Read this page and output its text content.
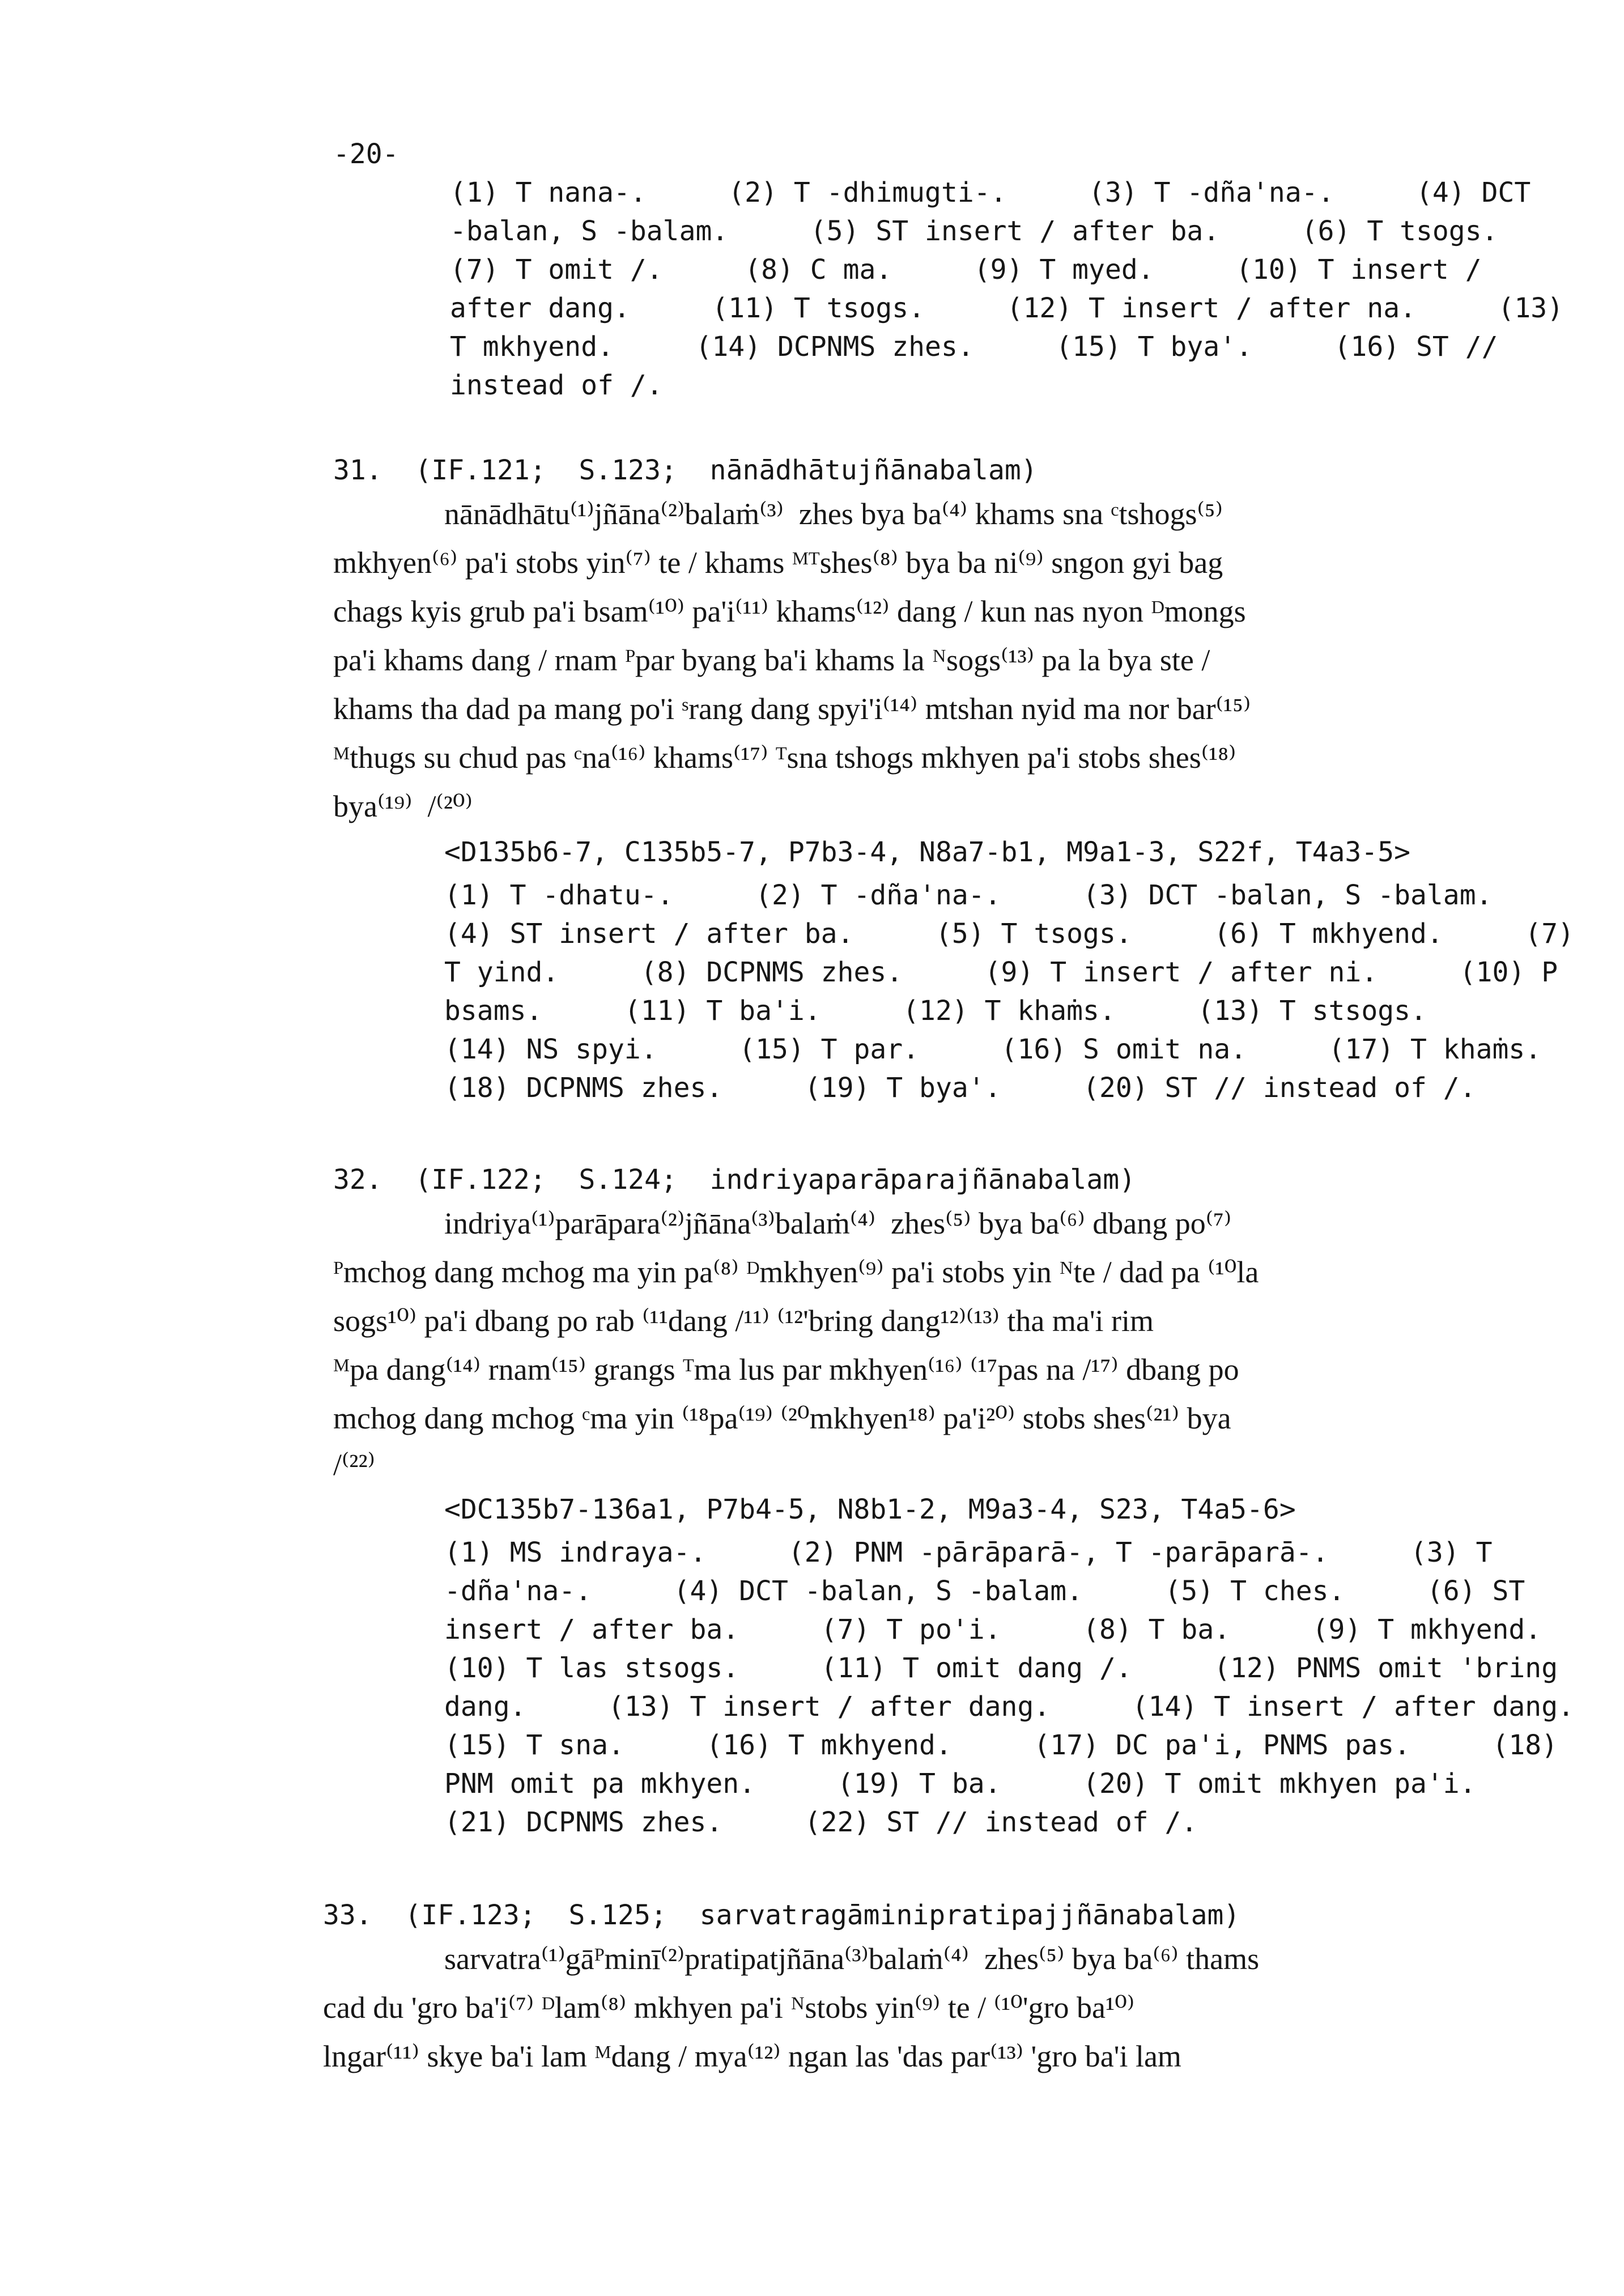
-20-
(1) T nana-.     (2) T -dhimugti-.     (3) T -dña'na-.     (4) DCT
-balan, S -balam.     (5) ST insert / after ba.     (6) T tsogs.
(7) T omit /.     (8) C ma.     (9) T myed.     (10) T insert /
after dang.     (11) T tsogs.     (12) T insert / after na.     (13)
T mkhyend.     (14) DCPNMS zhes.     (15) T bya'.     (16) ST //
instead of /.
31.  (IF.121;  S.123;  nānādhātujñānabalam)
nānādhātu⁽¹⁾jñāna⁽²⁾balaṁ⁽³⁾  zhes bya ba⁽⁴⁾ khams sna ᶜtshogs⁽⁵⁾
mkhyen⁽⁶⁾ pa'i stobs yin⁽⁷⁾ te / khams ᴹᵀshes⁽⁸⁾ bya ba ni⁽⁹⁾ sngon gyi bag
chags kyis grub pa'i bsam⁽¹⁰⁾ pa'i⁽¹¹⁾ khams⁽¹²⁾ dang / kun nas nyon ᴰmongs
pa'i khams dang / rnam ᴾpar byang ba'i khams la ᴺsogs⁽¹³⁾ pa la bya ste /
khams tha dad pa mang po'i ˢrang dang spyi'i⁽¹⁴⁾ mtshan nyid ma nor bar⁽¹⁵⁾
ᴹthugs su chud pas ᶜna⁽¹⁶⁾ khams⁽¹⁷⁾ ᵀsna tshogs mkhyen pa'i stobs shes⁽¹⁸⁾
bya⁽¹⁹⁾  /⁽²⁰⁾
<D135b6-7, C135b5-7, P7b3-4, N8a7-b1, M9a1-3, S22f, T4a3-5>
(1) T -dhatu-.     (2) T -dña'na-.     (3) DCT -balan, S -balam.
(4) ST insert / after ba.     (5) T tsogs.     (6) T mkhyend.     (7)
T yind.     (8) DCPNMS zhes.     (9) T insert / after ni.     (10) P
bsams.     (11) T ba'i.     (12) T khaṁs.     (13) T stsogs.
(14) NS spyi.     (15) T par.     (16) S omit na.     (17) T khaṁs.
(18) DCPNMS zhes.     (19) T bya'.     (20) ST // instead of /.
32.  (IF.122;  S.124;  indriyaparāparajñānabalam)
indriya⁽¹⁾parāpara⁽²⁾jñāna⁽³⁾balaṁ⁽⁴⁾  zhes⁽⁵⁾ bya ba⁽⁶⁾ dbang po⁽⁷⁾
ᴾmchog dang mchog ma yin pa⁽⁸⁾ ᴰmkhyen⁽⁹⁾ pa'i stobs yin ᴺte / dad pa ⁽¹⁰la
sogs¹⁰⁾ pa'i dbang po rab ⁽¹¹dang /¹¹⁾ ⁽¹²'bring dang¹²⁾⁽¹³⁾ tha ma'i rim
ᴹpa dang⁽¹⁴⁾ rnam⁽¹⁵⁾ grangs ᵀma lus par mkhyen⁽¹⁶⁾ ⁽¹⁷pas na /¹⁷⁾ dbang po
mchog dang mchog ᶜma yin ⁽¹⁸pa⁽¹⁹⁾ ⁽²⁰mkhyen¹⁸⁾ pa'i²⁰⁾ stobs shes⁽²¹⁾ bya
/⁽²²⁾
<DC135b7-136a1, P7b4-5, N8b1-2, M9a3-4, S23, T4a5-6>
(1) MS indraya-.     (2) PNM -pārāparā-, T -parāparā-.     (3) T
-dña'na-.     (4) DCT -balan, S -balam.     (5) T ches.     (6) ST
insert / after ba.     (7) T po'i.     (8) T ba.     (9) T mkhyend.
(10) T las stsogs.     (11) T omit dang /.     (12) PNMS omit 'bring
dang.     (13) T insert / after dang.     (14) T insert / after dang.
(15) T sna.     (16) T mkhyend.     (17) DC pa'i, PNMS pas.     (18)
PNM omit pa mkhyen.     (19) T ba.     (20) T omit mkhyen pa'i.
(21) DCPNMS zhes.     (22) ST // instead of /.
33.  (IF.123;  S.125;  sarvatragāminipratipajjñānabalam)
sarvatra⁽¹⁾gāᴾminī⁽²⁾pratipatjñāna⁽³⁾balaṁ⁽⁴⁾  zhes⁽⁵⁾ bya ba⁽⁶⁾ thams
cad du 'gro ba'i⁽⁷⁾ ᴰlam⁽⁸⁾ mkhyen pa'i ᴺstobs yin⁽⁹⁾ te / ⁽¹⁰'gro ba¹⁰⁾
lngar⁽¹¹⁾ skye ba'i lam ᴹdang / mya⁽¹²⁾ ngan las 'das par⁽¹³⁾ 'gro ba'i lam
